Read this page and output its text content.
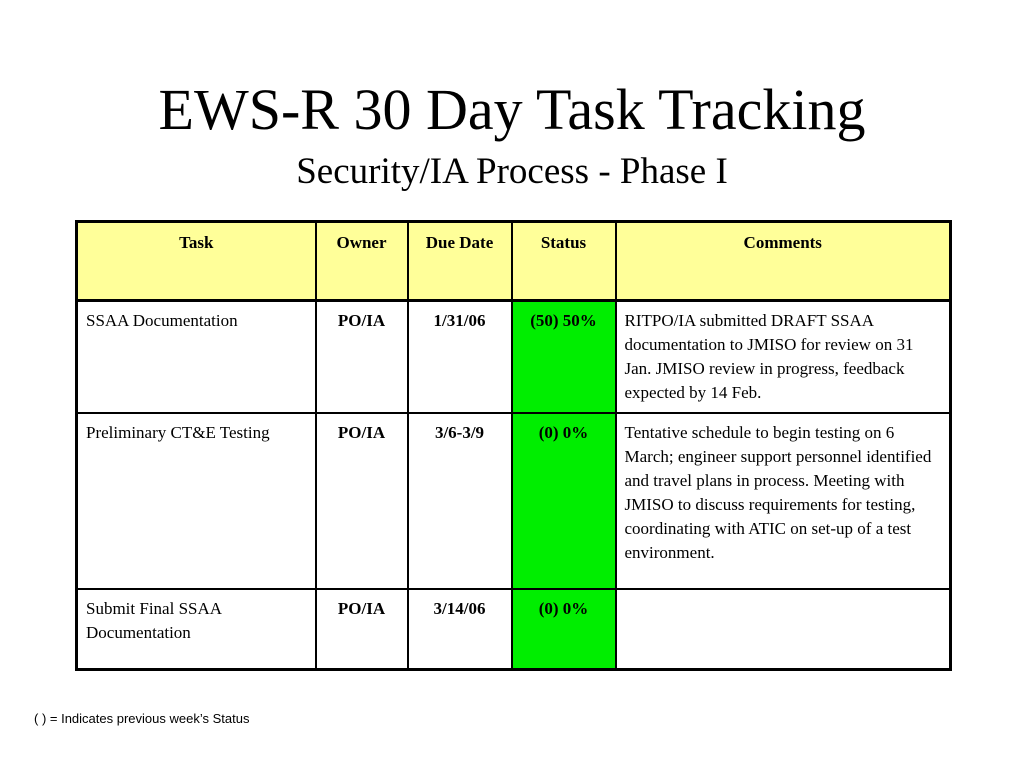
EWS-R 30 Day Task Tracking
Security/IA Process - Phase I
Task	Owner	Due Date	Status	Comments
SSAA Documentation	PO/IA	1/31/06	(50) 50%	RITPO/IA submitted DRAFT SSAA documentation to JMISO for review on 31 Jan. JMISO review in progress, feedback expected by 14 Feb.
Preliminary CT&E Testing	PO/IA	3/6-3/9	(0) 0%	Tentative schedule to begin testing on 6 March; engineer support personnel identified and travel plans in process. Meeting with JMISO to discuss requirements for testing, coordinating with ATIC on set-up of a test environment.
Submit Final SSAA Documentation	PO/IA	3/14/06	(0) 0%	
( ) = Indicates previous week’s Status
